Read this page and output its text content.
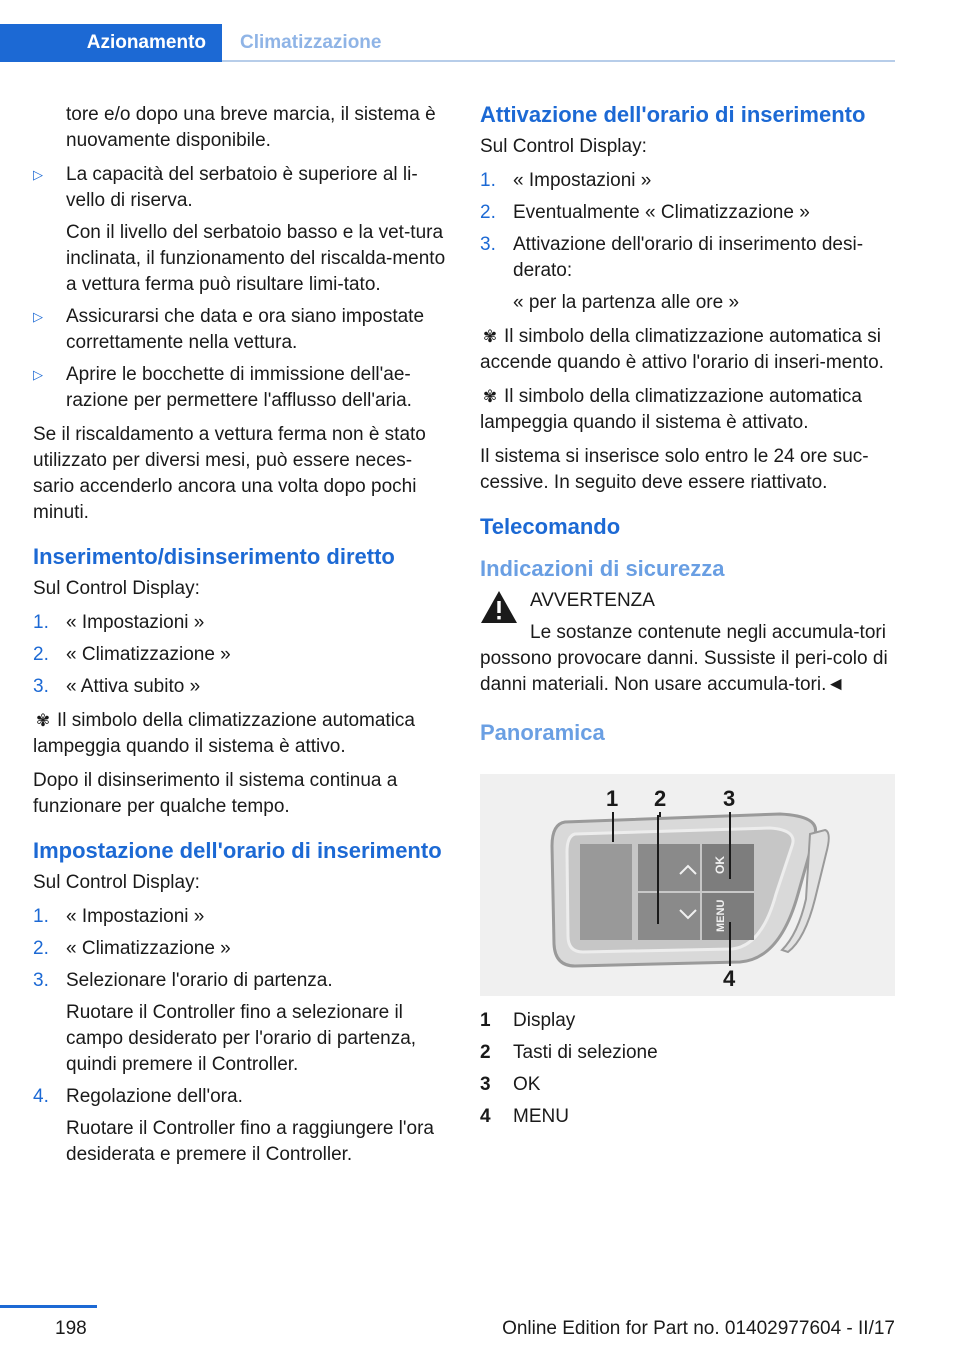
Azionamento	Climatizzazione

tore e/o dopo una breve marcia, il sistema è nuovamente disponibile.

▷ La capacità del serbatoio è superiore al li-vello di riserva.

Con il livello del serbatoio basso e la vet-tura inclinata, il funzionamento del riscalda-mento a vettura ferma può risultare limi-tato.

▷ Assicurarsi che data e ora siano impostate correttamente nella vettura.
▷ Aprire le bocchette di immissione dell'ae-razione per permettere l'afflusso dell'aria.

Se il riscaldamento a vettura ferma non è stato utilizzato per diversi mesi, può essere neces-sario accenderlo ancora una volta dopo pochi minuti.

Inserimento/disinserimento diretto

Sul Control Display:

1. « Impostazioni »
2. « Climatizzazione »
3. « Attiva subito »

✾ Il simbolo della climatizzazione automatica lampeggia quando il sistema è attivo.

Dopo il disinserimento il sistema continua a funzionare per qualche tempo.

Impostazione dell'orario di inserimento

Sul Control Display:

1. « Impostazioni »
2. « Climatizzazione »
3. Selezionare l'orario di partenza.

Ruotare il Controller fino a selezionare il campo desiderato per l'orario di partenza, quindi premere il Controller.

4. Regolazione dell'ora.

Ruotare il Controller fino a raggiungere l'ora desiderata e premere il Controller.

Attivazione dell'orario di inserimento

Sul Control Display:

1. « Impostazioni »
2. Eventualmente « Climatizzazione »
3. Attivazione dell'orario di inserimento desi-derato:

« per la partenza alle ore »

✾ Il simbolo della climatizzazione automatica si accende quando è attivo l'orario di inseri-mento.

✾ Il simbolo della climatizzazione automatica lampeggia quando il sistema è attivato.

Il sistema si inserisce solo entro le 24 ore suc-cessive. In seguito deve essere riattivato.

Telecomando
Indicazioni di sicurezza

AVVERTENZA

Le sostanze contenute negli accumula-tori possono provocare danni. Sussiste il peri-colo di danni materiali. Non usare accumula-tori.◄

Panoramica
OK
MENU
1 2	3
4
1 Display
2 Tasti di selezione
3 OK
4 MENU
198	Online Edition for Part no. 01402977604 - II/17
